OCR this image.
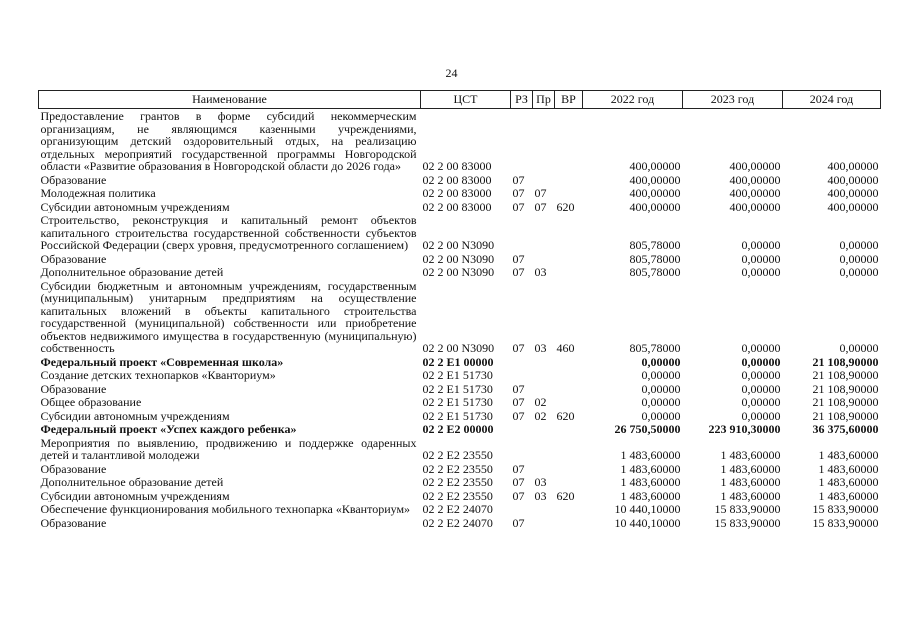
24
Наименование	ЦСТ	РЗ	Пр	ВР	2022 год	2023 год	2024 год
Предоставление грантов в форме субсидий некоммерческим организациям, не являющимся казенными учреждениями, организующим детский оздоровительный отдых, на реализацию отдельных мероприятий государственной программы Новгородской области «Развитие образования в Новгородской области до 2026 года»	02 2 00 83000				400,00000	400,00000	400,00000
Образование	02 2 00 83000	07			400,00000	400,00000	400,00000
Молодежная политика	02 2 00 83000	07	07		400,00000	400,00000	400,00000
Субсидии автономным учреждениям	02 2 00 83000	07	07	620	400,00000	400,00000	400,00000
Строительство, реконструкция и капитальный ремонт объектов капитального строительства государственной собственности субъектов Российской Федерации (сверх уровня, предусмотренного соглашением)	02 2 00 N3090				805,78000	0,00000	0,00000
Образование	02 2 00 N3090	07			805,78000	0,00000	0,00000
Дополнительное образование детей	02 2 00 N3090	07	03		805,78000	0,00000	0,00000
Субсидии бюджетным и автономным учреждениям, государственным (муниципальным) унитарным предприятиям на осуществление капитальных вложений в объекты капитального строительства государственной (муниципальной) собственности или приобретение объектов недвижимого имущества в государственную (муниципальную) собственность	02 2 00 N3090	07	03	460	805,78000	0,00000	0,00000
Федеральный проект «Современная школа»	02 2 E1 00000				0,00000	0,00000	21 108,90000
Создание детских технопарков «Кванториум»	02 2 E1 51730				0,00000	0,00000	21 108,90000
Образование	02 2 E1 51730	07			0,00000	0,00000	21 108,90000
Общее образование	02 2 E1 51730	07	02		0,00000	0,00000	21 108,90000
Субсидии автономным учреждениям	02 2 E1 51730	07	02	620	0,00000	0,00000	21 108,90000
Федеральный проект «Успех каждого ребенка»	02 2 E2 00000				26 750,50000	223 910,30000	36 375,60000
Мероприятия по выявлению, продвижению и поддержке одаренных детей и талантливой молодежи	02 2 E2 23550				1 483,60000	1 483,60000	1 483,60000
Образование	02 2 E2 23550	07			1 483,60000	1 483,60000	1 483,60000
Дополнительное образование детей	02 2 E2 23550	07	03		1 483,60000	1 483,60000	1 483,60000
Субсидии автономным учреждениям	02 2 E2 23550	07	03	620	1 483,60000	1 483,60000	1 483,60000
Обеспечение функционирования мобильного технопарка «Кванториум»	02 2 E2 24070				10 440,10000	15 833,90000	15 833,90000
Образование	02 2 E2 24070	07			10 440,10000	15 833,90000	15 833,90000
